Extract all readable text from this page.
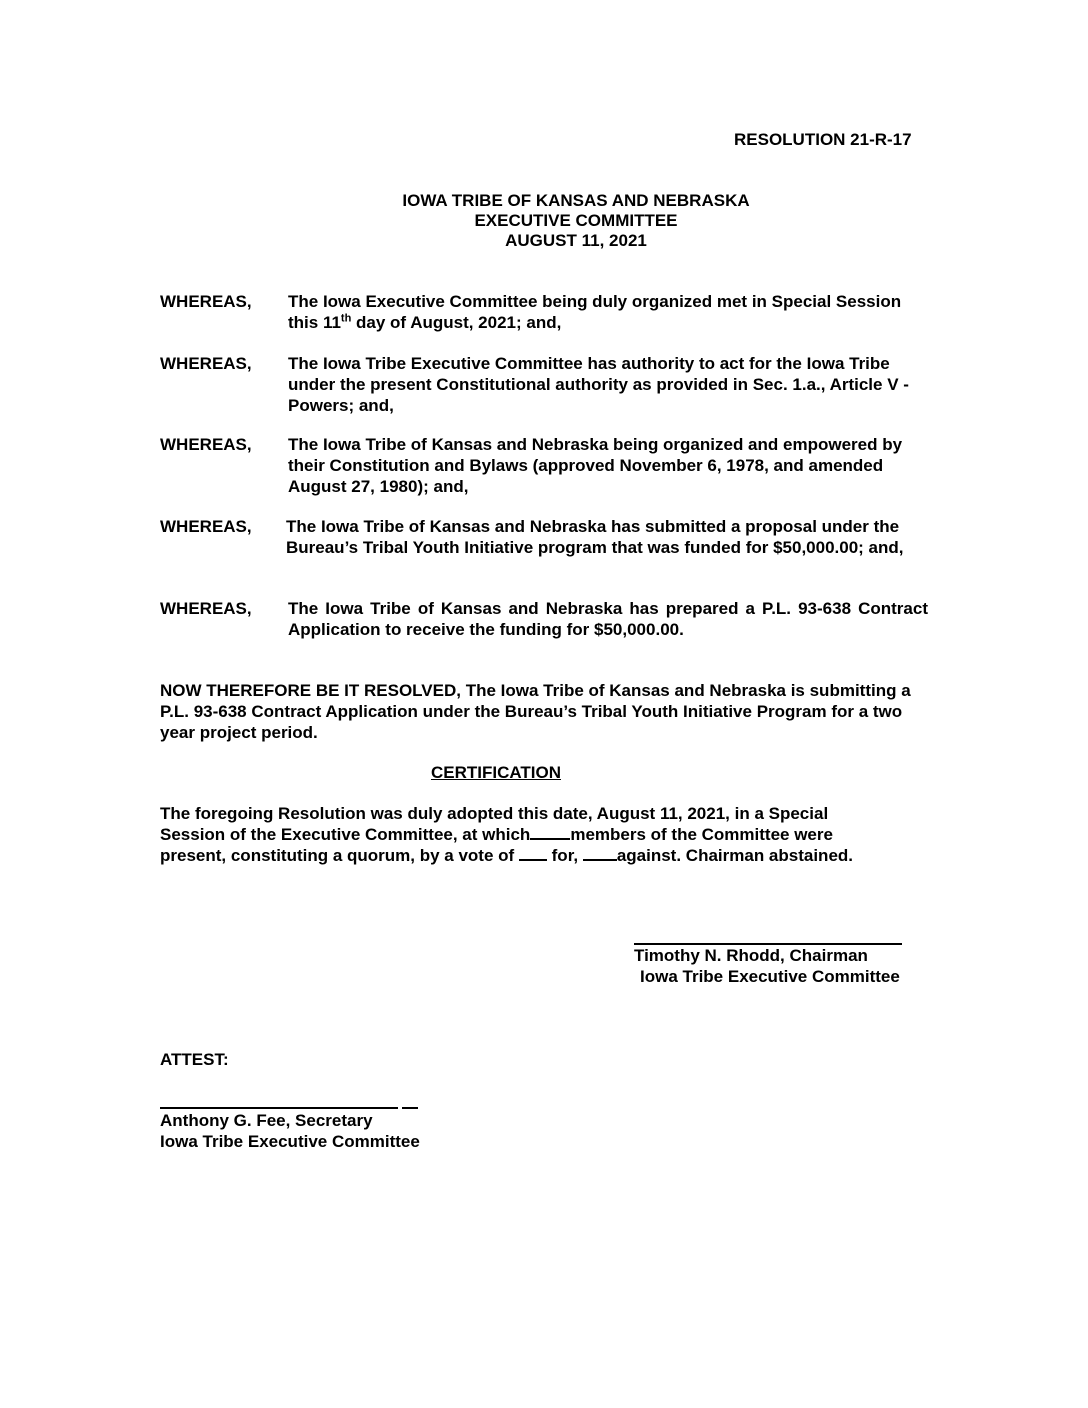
RESOLUTION 21-R-17
IOWA TRIBE OF KANSAS AND NEBRASKA
EXECUTIVE COMMITTEE
AUGUST 11, 2021
WHEREAS, The Iowa Executive Committee being duly organized met in Special Session this 11th day of August, 2021; and,
WHEREAS, The Iowa Tribe Executive Committee has authority to act for the Iowa Tribe under the present Constitutional authority as provided in Sec. 1.a., Article V - Powers; and,
WHEREAS, The Iowa Tribe of Kansas and Nebraska being organized and empowered by their Constitution and Bylaws (approved November 6, 1978, and amended August 27, 1980); and,
WHEREAS, The Iowa Tribe of Kansas and Nebraska has submitted a proposal under the Bureau’s Tribal Youth Initiative program that was funded for $50,000.00; and,
WHEREAS, The Iowa Tribe of Kansas and Nebraska has prepared a P.L. 93-638 Contract Application to receive the funding for $50,000.00.
NOW THEREFORE BE IT RESOLVED, The Iowa Tribe of Kansas and Nebraska is submitting a P.L. 93-638 Contract Application under the Bureau’s Tribal Youth Initiative Program for a two year project period.
CERTIFICATION
The foregoing Resolution was duly adopted this date, August 11, 2021, in a Special
Session of the Executive Committee, at which members of the Committee were
present, constituting a quorum, by a vote of  for, against. Chairman abstained.
Timothy N. Rhodd, Chairman
Iowa Tribe Executive Committee
ATTEST:
Anthony G. Fee, Secretary
Iowa Tribe Executive Committee
